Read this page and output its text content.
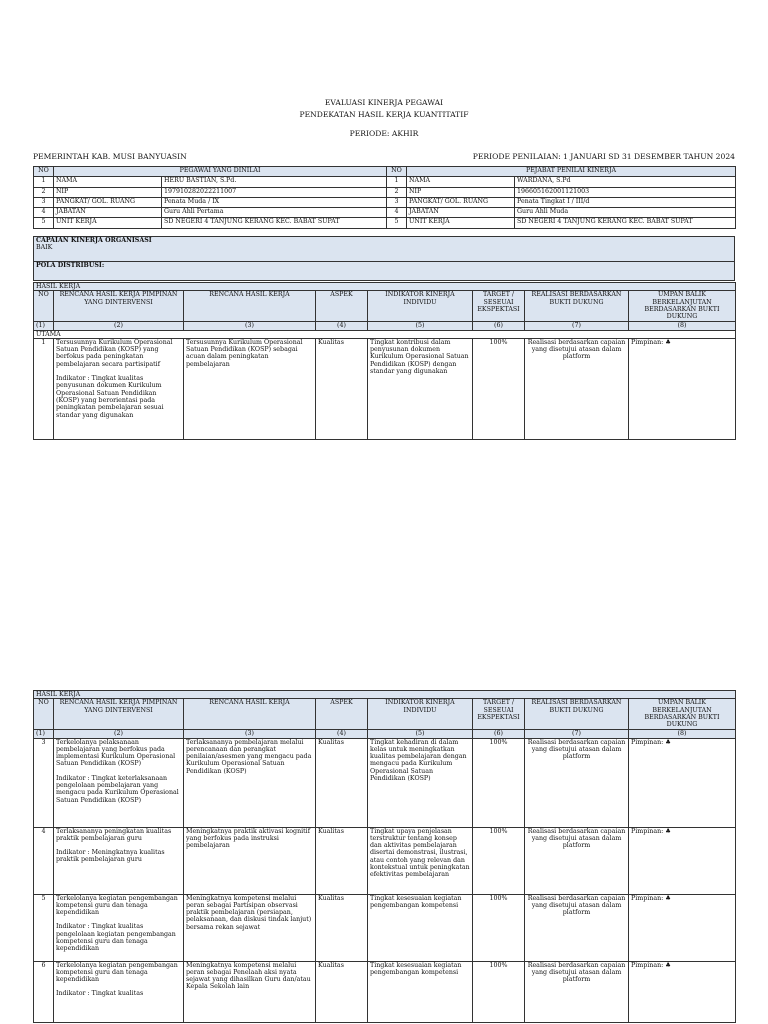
EVALUASI KINERJA PEGAWAI
PENDEKATAN HASIL KERJA KUANTITATIF
PERIODE: AKHIR
PEMERINTAH KAB. MUSI BANYUASIN	PERIODE PENILAIAN: 1 JANUARI SD 31 DESEMBER TAHUN 2024
NO	PEGAWAI YANG DINILAI		NO	PEJABAT PENILAI KINERJA	
1	NAMA	HERU BASTIAN, S.Pd.	1	NAMA	WARDANA, S.Pd
2	NIP	197910282022211007	2	NIP	196605162001121003
3	PANGKAT/ GOL. RUANG	Penata Muda / IX	3	PANGKAT/ GOL. RUANG	Penata Tingkat I / III/d
4	JABATAN	Guru Ahli Pertama	4	JABATAN	Guru Ahli Muda
5	UNIT KERJA	SD NEGERI 4 TANJUNG KERANG KEC. BABAT SUPAT	5	UNIT KERJA	SD NEGERI 4 TANJUNG KERANG KEC. BABAT SUPAT
CAPAIAN KINERJA ORGANISASI
BAIK

POLA DISTRIBUSI:
HASIL KERJA							
NO	RENCANA HASIL KERJA PIMPINAN YANG DINTERVENSI	RENCANA HASIL KERJA	ASPEK	INDIKATOR KINERJA INDIVIDU	TARGET / SESEUAI EKSPEKTASI	REALISASI BERDASARKAN BUKTI DUKUNG	UMPAN BALIK BERKELANJUTAN BERDASARKAN BUKTI DUKUNG
(1)	(2)	(3)	(4)	(5)	(6)	(7)	(8)
UTAMA							
1	Tersusunnya Kurikulum Operasional Satuan Pendidikan (KOSP) yang berfokus pada peningkatan pembelajaran secara partisipatif
Indikator : Tingkat kualitas penyusunan dokumen Kurikulum Operasional Satuan Pendidikan (KOSP) yang berorientasi pada peningkatan pembelajaran sesuai standar yang digunakan	Tersusunnya Kurikulum Operasional Satuan Pendidikan (KOSP) sebagai acuan dalam peningkatan pembelajaran	Kualitas	Tingkat kontribusi dalam penyusunan dokumen Kurikulum Operasional Satuan Pendidikan (KOSP) dengan standar yang digunakan	100%	Realisasi berdasarkan capaian yang disetujui atasan dalam platform	Pimpinan: ♣
HASIL KERJA							
NO	RENCANA HASIL KERJA PIMPINAN YANG DINTERVENSI	RENCANA HASIL KERJA	ASPEK	INDIKATOR KINERJA INDIVIDU	TARGET / SESEUAI EKSPEKTASI	REALISASI BERDASARKAN BUKTI DUKUNG	UMPAN BALIK BERKELANJUTAN BERDASARKAN BUKTI DUKUNG
(1)	(2)	(3)	(4)	(5)	(6)	(7)	(8)
3	Terkelolanya pelaksanaan pembelajaran yang berfokus pada implementasi Kurikulum Operasional Satuan Pendidikan (KOSP)
Indikator : Tingkat keterlaksanaan pengelolaan pembelajaran yang mengacu pada Kurikulum Operasional Satuan Pendidikan (KOSP)	Terlaksananya pembelajaran melalui perencanaan dan perangkat penilaian/asesmen yang mengacu pada Kurikulum Operasional Satuan Pendidikan (KOSP)	Kualitas	Tingkat kehadiran di dalam kelas untuk meningkatkan kualitas pembelajaran dengan mengacu pada Kurikulum Operasional Satuan Pendidikan (KOSP)	100%	Realisasi berdasarkan capaian yang disetujui atasan dalam platform	Pimpinan: ♣
4	Terlaksananya peningkatan kualitas praktik pembelajaran guru
Indikator : Meningkatnya kualitas praktik pembelajaran guru	Meningkatnya praktik aktivasi kognitif yang berfokus pada instruksi pembelajaran	Kualitas	Tingkat upaya penjelasan terstruktur tentang konsep dan aktivitas pembelajaran disertai demonstrasi, ilustrasi, atau contoh yang relevan dan kontekstual untuk peningkatan efektivitas pembelajaran	100%	Realisasi berdasarkan capaian yang disetujui atasan dalam platform	Pimpinan: ♣
5	Terkelolanya kegiatan pengembangan kompetensi guru dan tenaga kependidikan
Indikator : Tingkat kualitas pengelolaan kegiatan pengembangan kompetensi guru dan tenaga kependidikan	Meningkatnya kompetensi melalui peran sebagai Partisipan observasi praktik pembelajaran (persiapan, pelaksanaan, dan diskusi tindak lanjut) bersama rekan sejawat	Kualitas	Tingkat kesesuaian kegiatan pengembangan kompetensi	100%	Realisasi berdasarkan capaian yang disetujui atasan dalam platform	Pimpinan: ♣
6	Terkelolanya kegiatan pengembangan kompetensi guru dan tenaga kependidikan
Indikator : Tingkat kualitas	Meningkatnya kompetensi melalui peran sebagai Penelaah aksi nyata sejawat yang dihasilkan Guru dan/atau Kepala Sekolah lain	Kualitas	Tingkat kesesuaian kegiatan pengembangan kompetensi	100%	Realisasi berdasarkan capaian yang disetujui atasan dalam platform	Pimpinan: ♣
